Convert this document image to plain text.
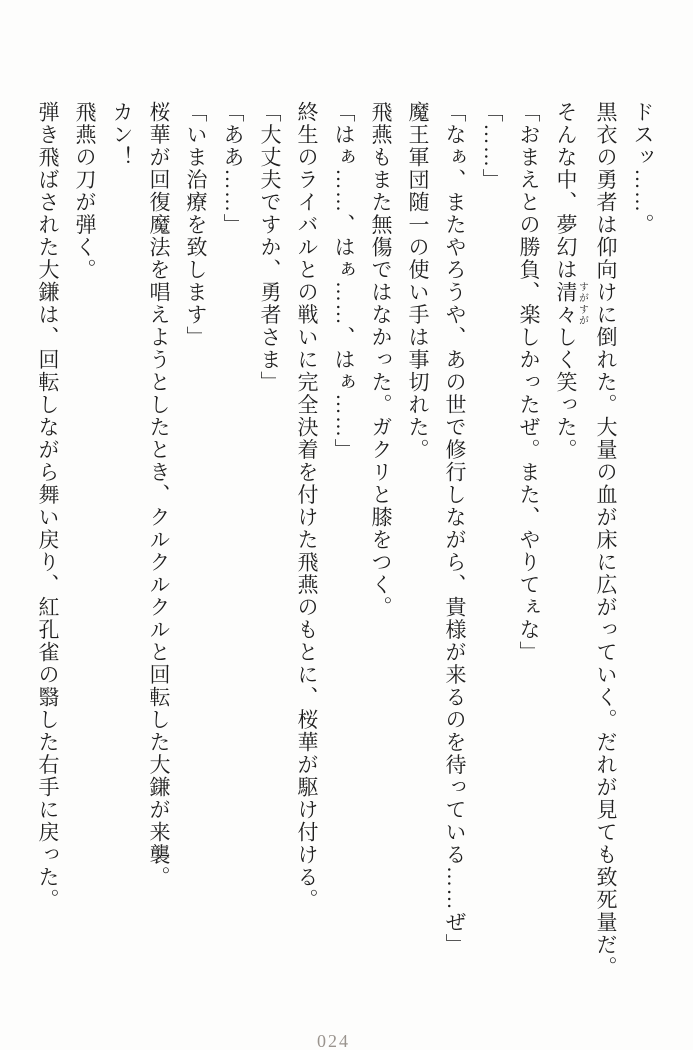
ドスッ……。

黒衣の勇者は仰向けに倒れた。大量の血が床に広がっていく。だれが見ても致死量だ。

そんな中、夢幻は清々すがすがしく笑った。

「おまえとの勝負、楽しかったぜ。また、やりてぇな」

「……」

「なぁ、またやろうや、あの世で修行しながら、貴様が来るのを待っている……ぜ」

魔王軍団随一の使い手は事切れた。

飛燕もまた無傷ではなかった。ガクリと膝をつく。

「はぁ……、はぁ……、はぁ……」

終生のライバルとの戦いに完全決着を付けた飛燕のもとに、桜華が駆け付ける。

「大丈夫ですか、勇者さま」

「ああ……」

「いま治療を致します」

桜華が回復魔法を唱えようとしたとき、クルクルクルと回転した大鎌が来襲。

カン！

飛燕の刀が弾く。

弾き飛ばされた大鎌は、回転しながら舞い戻り、紅孔雀の翳した右手に戻った。

024
